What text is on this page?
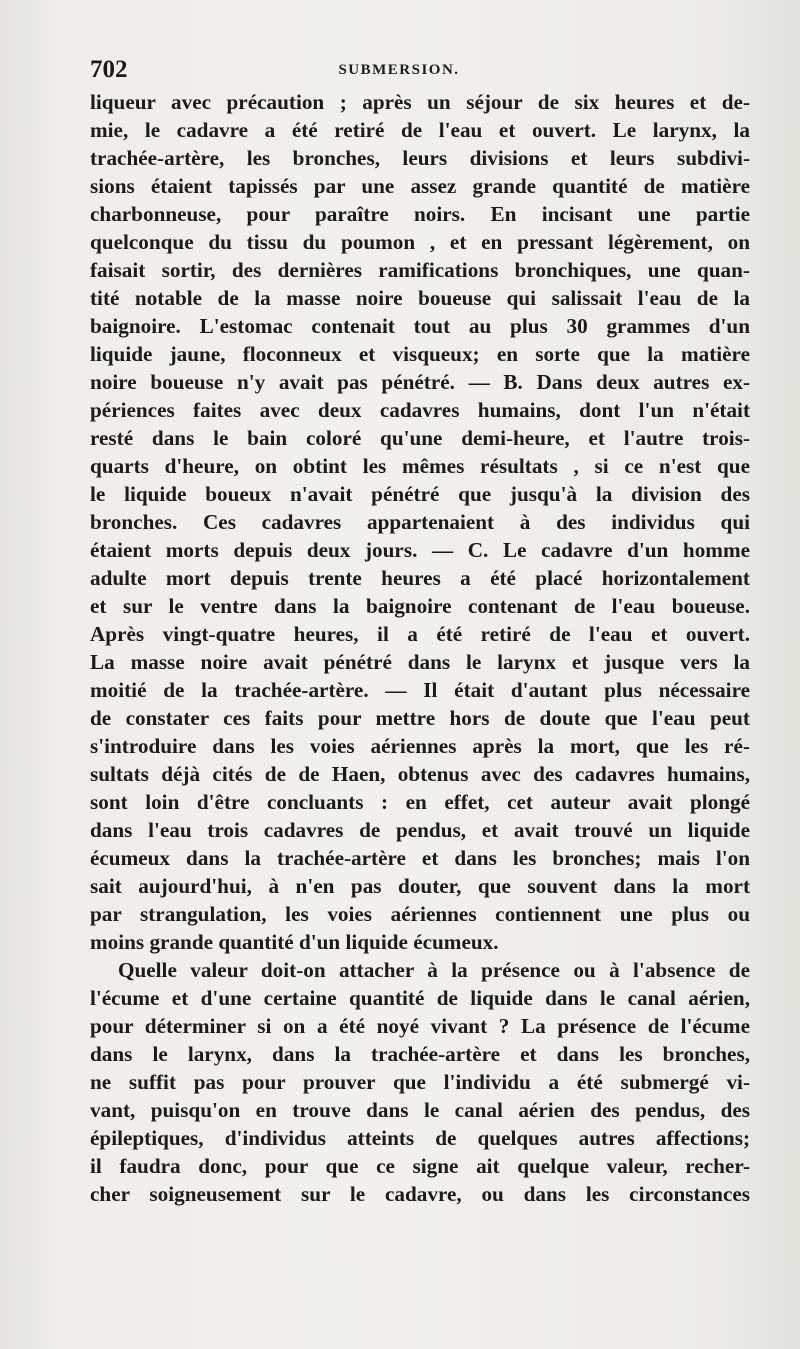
702	SUBMERSION.
liqueur avec précaution ; après un séjour de six heures et de-
mie, le cadavre a été retiré de l'eau et ouvert. Le larynx, la
trachée-artère, les bronches, leurs divisions et leurs subdivi-
sions étaient tapissés par une assez grande quantité de matière
charbonneuse, pour paraître noirs. En incisant une partie
quelconque du tissu du poumon , et en pressant légèrement, on
faisait sortir, des dernières ramifications bronchiques, une quan-
tité notable de la masse noire boueuse qui salissait l'eau de la
baignoire. L'estomac contenait tout au plus 30 grammes d'un
liquide jaune, floconneux et visqueux; en sorte que la matière
noire boueuse n'y avait pas pénétré. — B. Dans deux autres ex-
périences faites avec deux cadavres humains, dont l'un n'était
resté dans le bain coloré qu'une demi-heure, et l'autre trois-
quarts d'heure, on obtint les mêmes résultats , si ce n'est que
le liquide boueux n'avait pénétré que jusqu'à la division des
bronches. Ces cadavres appartenaient à des individus qui
étaient morts depuis deux jours. — C. Le cadavre d'un homme
adulte mort depuis trente heures a été placé horizontalement
et sur le ventre dans la baignoire contenant de l'eau boueuse.
Après vingt-quatre heures, il a été retiré de l'eau et ouvert.
La masse noire avait pénétré dans le larynx et jusque vers la
moitié de la trachée-artère. — Il était d'autant plus nécessaire
de constater ces faits pour mettre hors de doute que l'eau peut
s'introduire dans les voies aériennes après la mort, que les ré-
sultats déjà cités de de Haen, obtenus avec des cadavres humains,
sont loin d'être concluants : en effet, cet auteur avait plongé
dans l'eau trois cadavres de pendus, et avait trouvé un liquide
écumeux dans la trachée-artère et dans les bronches; mais l'on
sait aujourd'hui, à n'en pas douter, que souvent dans la mort
par strangulation, les voies aériennes contiennent une plus ou
moins grande quantité d'un liquide écumeux.
Quelle valeur doit-on attacher à la présence ou à l'absence de
l'écume et d'une certaine quantité de liquide dans le canal aérien,
pour déterminer si on a été noyé vivant ? La présence de l'écume
dans le larynx, dans la trachée-artère et dans les bronches,
ne suffit pas pour prouver que l'individu a été submergé vi-
vant, puisqu'on en trouve dans le canal aérien des pendus, des
épileptiques, d'individus atteints de quelques autres affections;
il faudra donc, pour que ce signe ait quelque valeur, recher-
cher soigneusement sur le cadavre, ou dans les circonstances
